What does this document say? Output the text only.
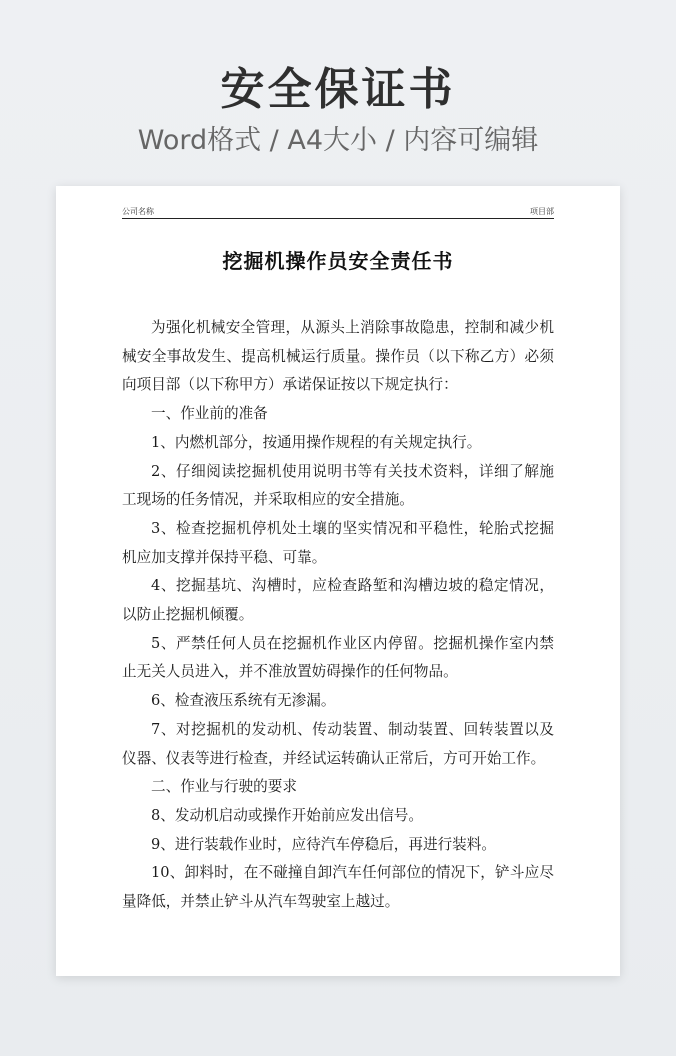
安全保证书
Word格式 / A4大小 / 内容可编辑
公司名称	项目部
挖掘机操作员安全责任书

为强化机械安全管理，从源头上消除事故隐患，控制和减少机械安全事故发生、提高机械运行质量。操作员（以下称乙方）必须向项目部（以下称甲方）承诺保证按以下规定执行：

一、作业前的准备

1、内燃机部分，按通用操作规程的有关规定执行。

2、仔细阅读挖掘机使用说明书等有关技术资料，详细了解施工现场的任务情况，并采取相应的安全措施。

3、检查挖掘机停机处土壤的坚实情况和平稳性，轮胎式挖掘机应加支撑并保持平稳、可靠。

4、挖掘基坑、沟槽时，应检查路堑和沟槽边坡的稳定情况，以防止挖掘机倾覆。

5、严禁任何人员在挖掘机作业区内停留。挖掘机操作室内禁止无关人员进入，并不准放置妨碍操作的任何物品。

6、检查液压系统有无渗漏。

7、对挖掘机的发动机、传动装置、制动装置、回转装置以及仪器、仪表等进行检查，并经试运转确认正常后，方可开始工作。

二、作业与行驶的要求

8、发动机启动或操作开始前应发出信号。

9、进行装载作业时，应待汽车停稳后，再进行装料。

10、卸料时，在不碰撞自卸汽车任何部位的情况下，铲斗应尽量降低，并禁止铲斗从汽车驾驶室上越过。
